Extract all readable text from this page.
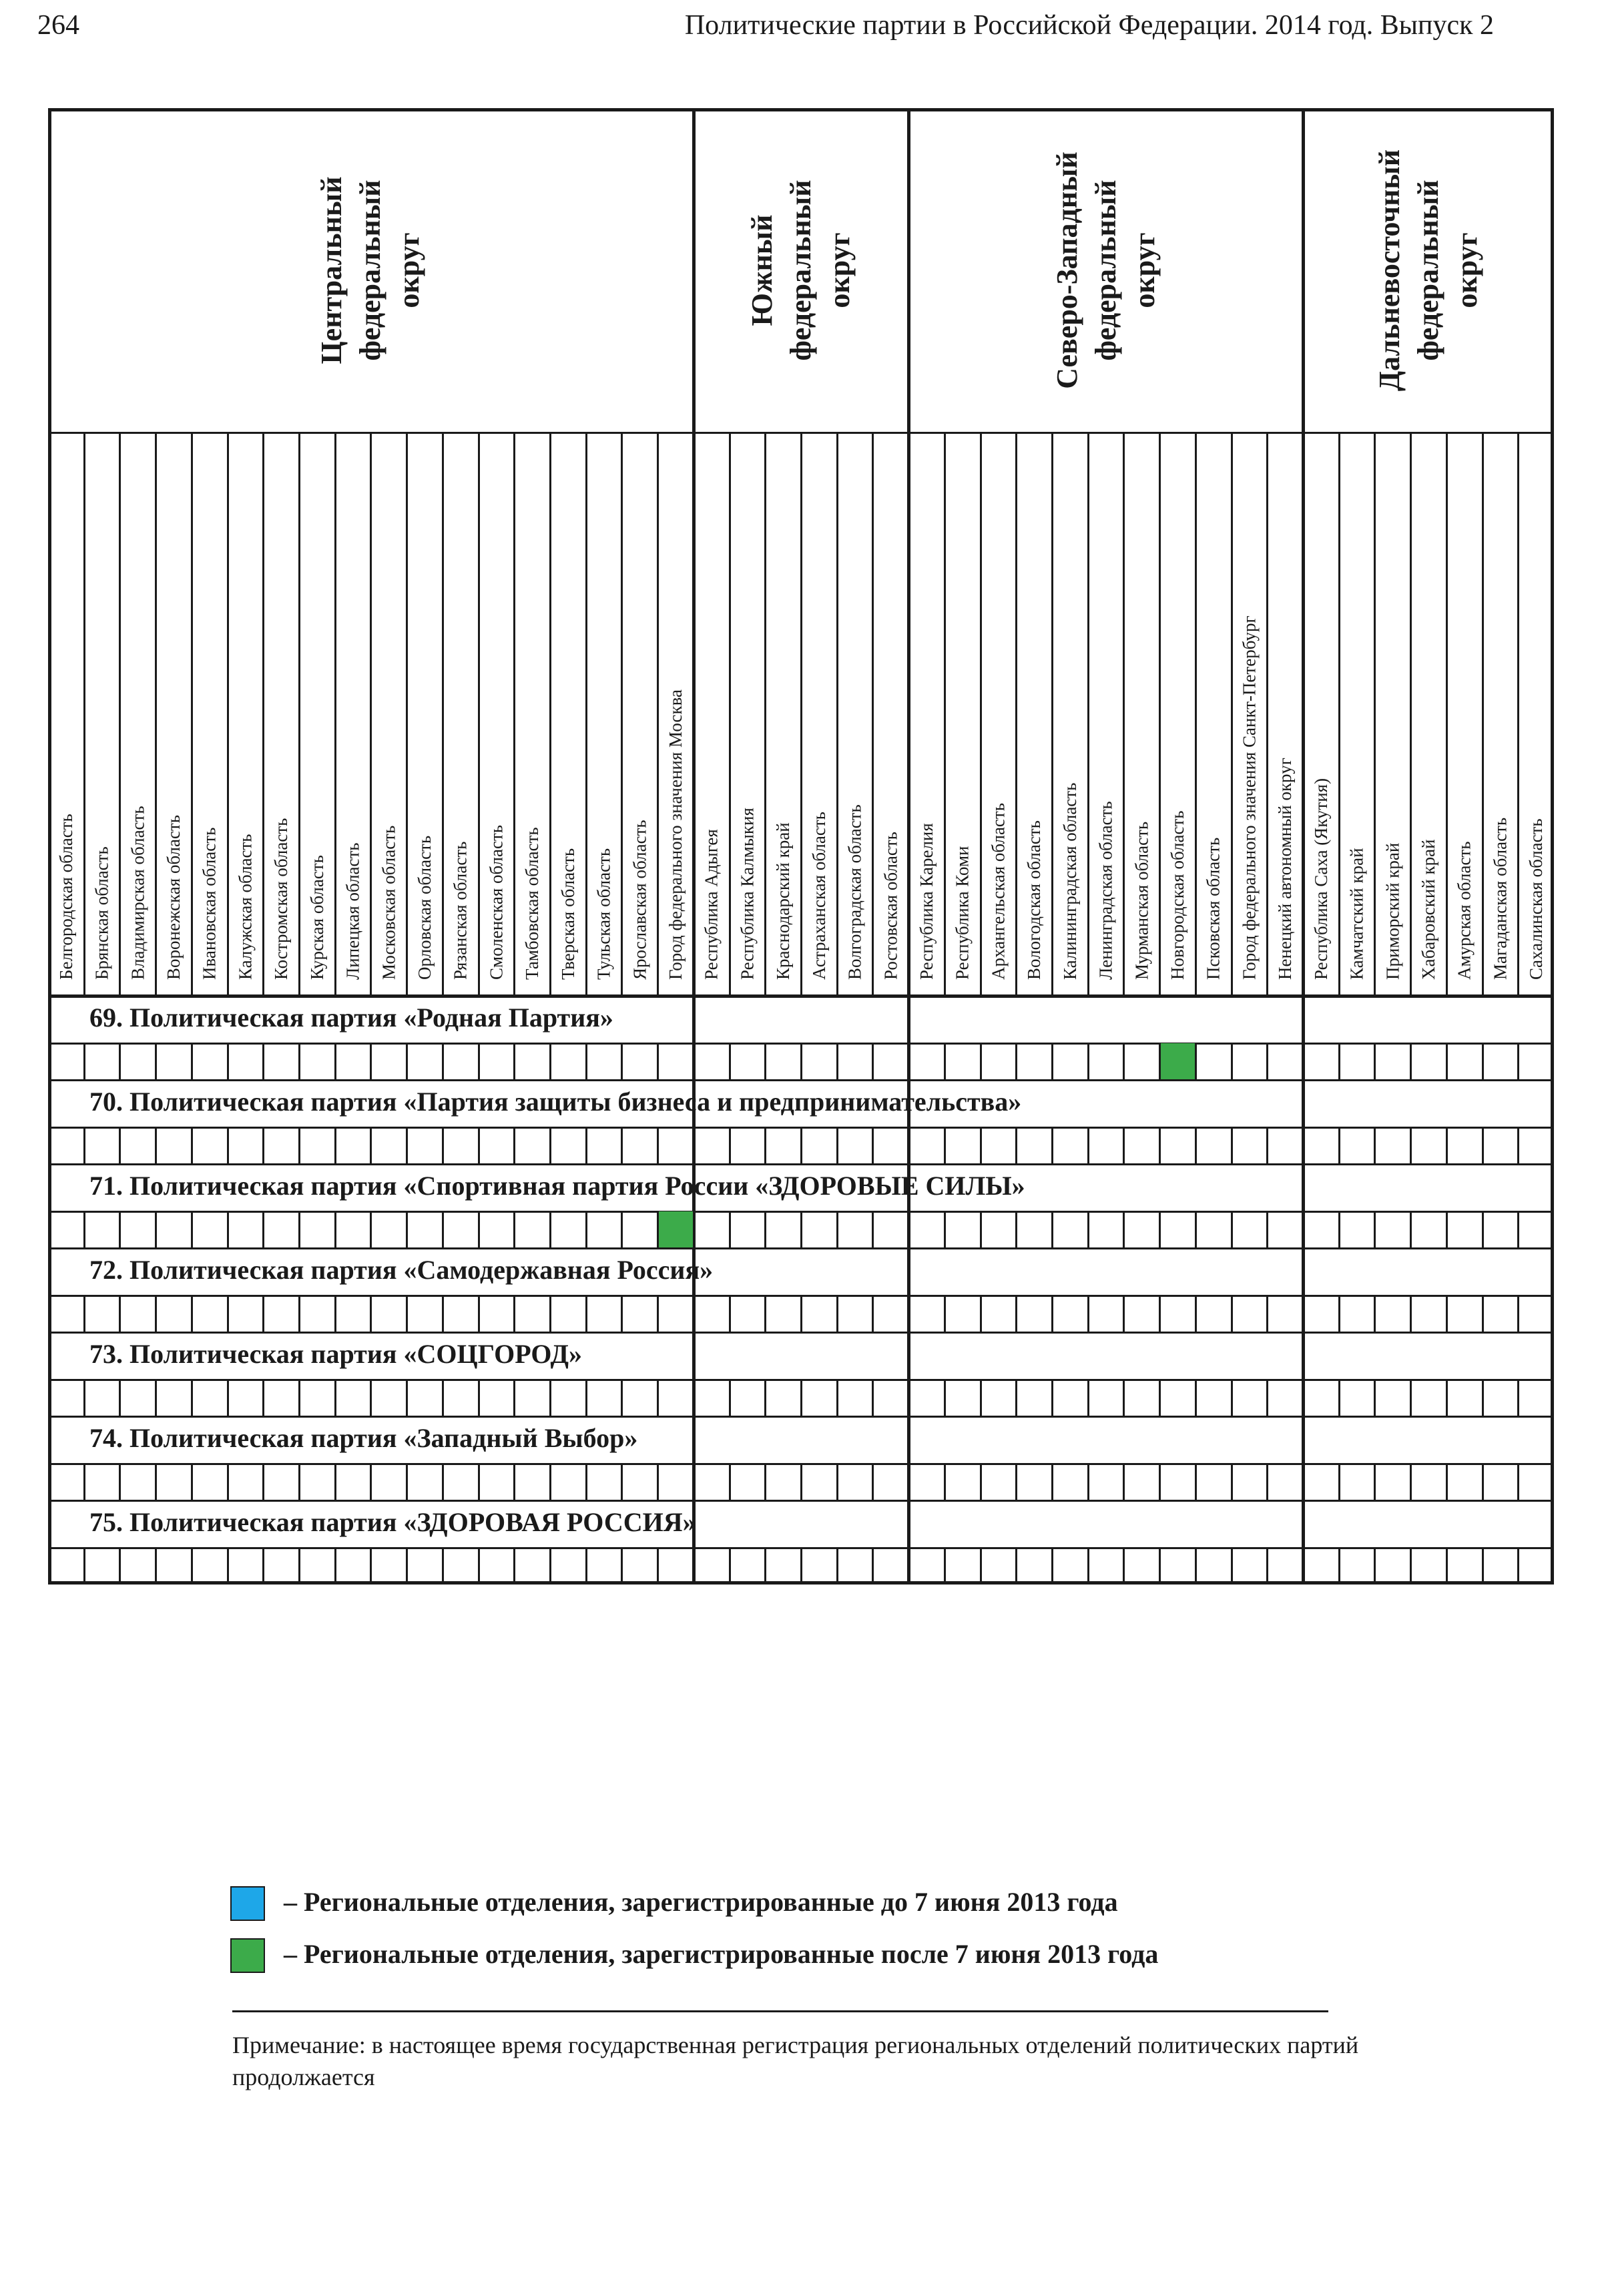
264	Политические партии в Российской Федерации. 2014 год. Выпуск 2
Центральный
федеральный
округ
Белгородская область Брянская область Владимирская область Воронежская область Ивановская область Калужская область Костромская область Курская область Липецкая область Московская область Орловская область Рязанская область Смоленская область Тамбовская область Тверская область Тульская область Ярославская область Город федерального значения Москва
Южный
федеральный
округ
Республика Адыгея Республика Калмыкия Краснодарский край Астраханская область Волгоградская область Ростовская область
Северо-Западный
федеральный
округ
Республика Карелия Республика Коми Архангельская область Вологодская область Калининградская область Ленинградская область Мурманская область Новгородская область Псковская область Город федерального значения Санкт-Петербург Ненецкий автономный округ
Дальневосточный
федеральный
округ
Республика Саха (Якутия) Камчатский край Приморский край Хабаровский край Амурская область Магаданская область Сахалинская область
69. Политическая партия «Родная Партия»
70. Политическая партия «Партия защиты бизнеса и предпринимательства»
71. Политическая партия «Спортивная партия России «ЗДОРОВЫЕ СИЛЫ»
72. Политическая партия «Самодержавная Россия»
73. Политическая партия «СОЦГОРОД»
74. Политическая партия «Западный Выбор»
75. Политическая партия «ЗДОРОВАЯ РОССИЯ»
– Региональные отделения, зарегистрированные до 7 июня 2013 года
– Региональные отделения, зарегистрированные после 7 июня 2013 года
Примечание: в настоящее время государственная регистрация региональных отделений политических партий продолжается
